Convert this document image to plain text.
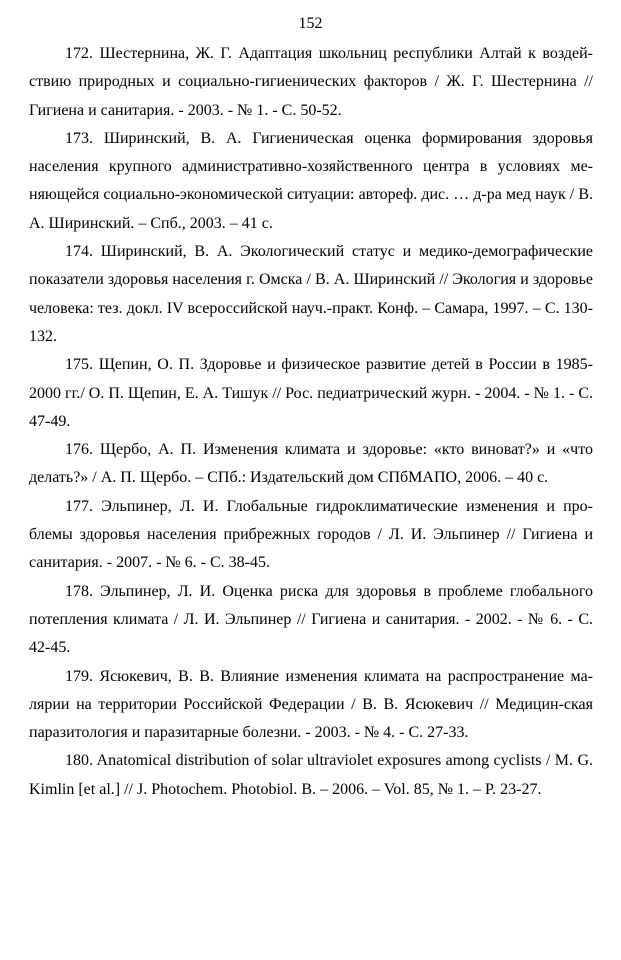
152
172. Шестернина, Ж. Г. Адаптация школьниц республики Алтай к воздей-ствию природных и социально-гигиенических факторов / Ж. Г. Шестернина // Гигиена и санитария. - 2003. - № 1. - С. 50-52.
173. Ширинский, В. А. Гигиеническая оценка формирования здоровья населения крупного административно-хозяйственного центра в условиях ме-няющейся социально-экономической ситуации: автореф. дис. … д-ра мед наук / В. А. Ширинский. – Спб., 2003. – 41 с.
174. Ширинский, В. А. Экологический статус и медико-демографические показатели здоровья населения г. Омска / В. А. Ширинский // Экология и здоровье человека: тез. докл. IV всероссийской науч.-практ. Конф. – Самара, 1997. – С. 130-132.
175. Щепин, О. П. Здоровье и физическое развитие детей в России в 1985-2000 гг./ О. П. Щепин, Е. А. Тишук // Рос. педиатрический журн. - 2004. - № 1. - С. 47-49.
176. Щербо, А. П. Изменения климата и здоровье: «кто виноват?» и «что делать?» / А. П. Щербо. – СПб.: Издательский дом СПбМАПО, 2006. – 40 с.
177. Эльпинер, Л. И. Глобальные гидроклиматические изменения и про-блемы здоровья населения прибрежных городов / Л. И. Эльпинер // Гигиена и санитария. - 2007. - № 6. - С. 38-45.
178. Эльпинер, Л. И. Оценка риска для здоровья в проблеме глобального потепления климата / Л. И. Эльпинер // Гигиена и санитария. - 2002. - № 6. - С. 42-45.
179. Ясюкевич, В. В. Влияние изменения климата на распространение ма-лярии на территории Российской Федерации / В. В. Ясюкевич // Медицин-ская паразитология и паразитарные болезни. - 2003. - № 4. - С. 27-33.
180. Anatomical distribution of solar ultraviolet exposures among cyclists / M. G. Kimlin [et al.] // J. Photochem. Photobiol. B. – 2006. – Vol. 85, № 1. – P. 23-27.
